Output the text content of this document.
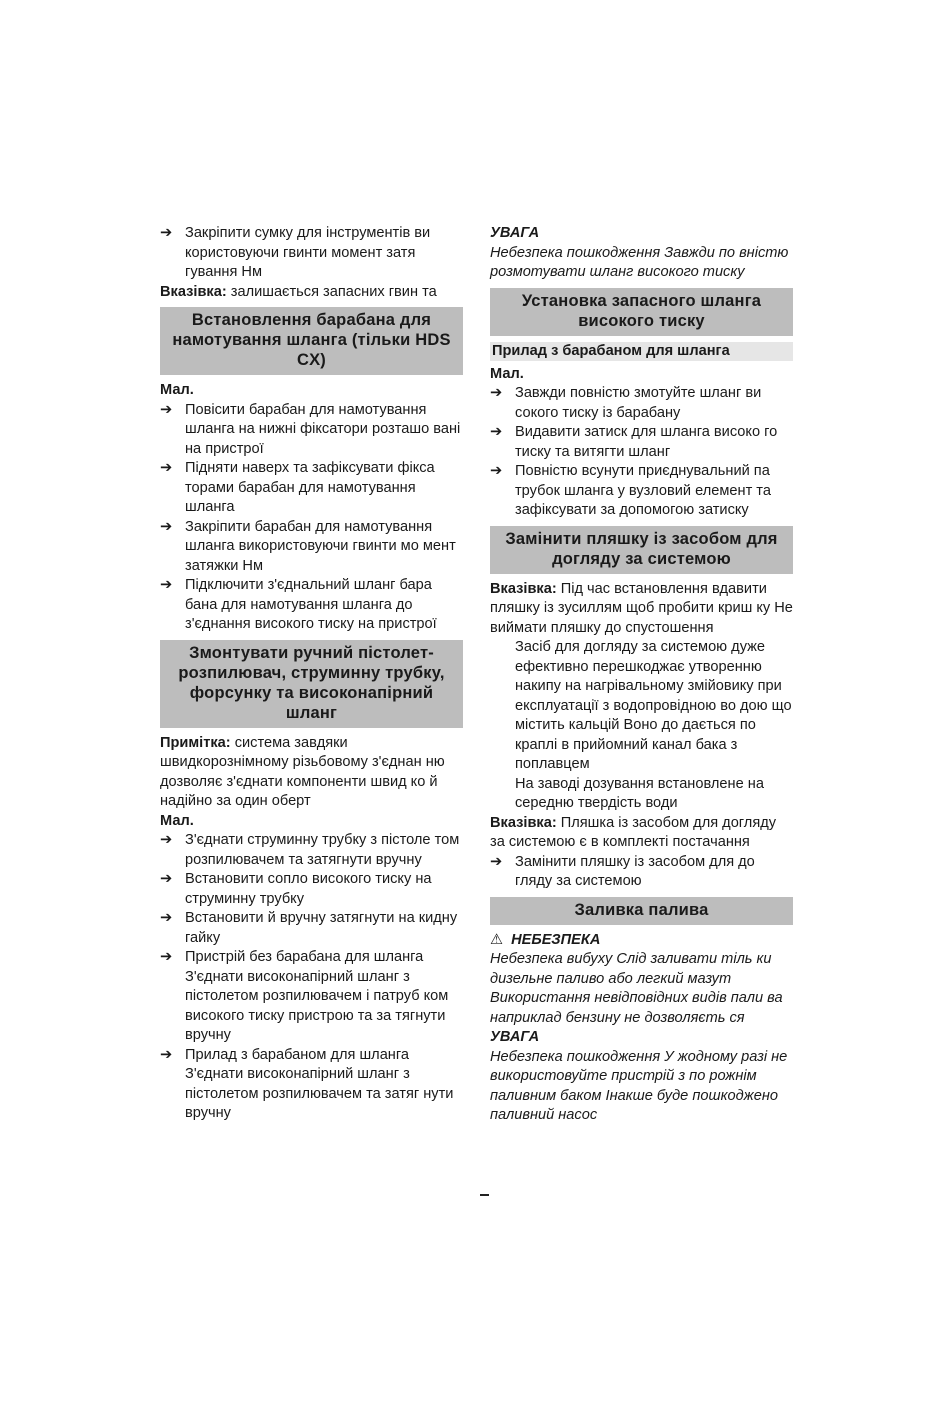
➔ Закріпити сумку для інструментів ви користовуючи гвинти момент затя гування Нм

Вказівка: залишається запасних гвин та

Встановлення барабана для намотування шланга (тільки HDS CX)

Мал.

➔ Повісити барабан для намотування шланга на нижні фіксатори розташо вані на пристрої
➔ Підняти наверх та зафіксувати фікса торами барабан для намотування шланга
➔ Закріпити барабан для намотування шланга використовуючи гвинти мо мент затяжки Нм
➔ Підключити з'єднальний шланг бара бана для намотування шланга до з'єднання високого тиску на пристрої
Змонтувати ручний пістолет-розпилювач, струминну трубку, форсунку та високонапірний шланг

Примітка: система завдяки швидкорознімному різьбовому з'єднан ню дозволяє з'єднати компоненти швид ко й надійно за один оберт

Мал.

➔ З'єднати струминну трубку з пістоле том розпилювачем та затягнути вручну
➔ Встановити сопло високого тиску на струминну трубку
➔ Встановити й вручну затягнути на кидну гайку
➔ Пристрій без барабана для шланга З'єднати високонапірний шланг з пістолетом розпилювачем і патруб ком високого тиску пристрою та за тягнути вручну
➔ Прилад з барабаном для шланга З'єднати високонапірний шланг з пістолетом розпилювачем та затяг нути вручну

УВАГА

Небезпека пошкодження Завжди по вністю розмотувати шланг високого тиску

Установка запасного шланга високого тиску
Прилад з барабаном для шланга

Мал.

➔ Завжди повністю змотуйте шланг ви сокого тиску із барабану
➔ Видавити затиск для шланга високо го тиску та витягти шланг
➔ Повністю всунути приєднувальний па трубок шланга у вузловий елемент та зафіксувати за допомогою затиску
Замінити пляшку із засобом для догляду за системою

Вказівка: Під час встановлення вдавити пляшку із зусиллям щоб пробити криш ку Не виймати пляшку до спустошення

Засіб для догляду за системою дуже ефективно перешкоджає утворенню накипу на нагрівальному змійовику при експлуатації з водопровідною во дою що містить кальцій Воно до дається по краплі в прийомний канал бака з поплавцем

На заводі дозування встановлене на середню твердість води

Вказівка: Пляшка із засобом для догляду за системою є в комплекті постачання

➔ Замінити пляшку із засобом для до гляду за системою
Заливка палива

⚠ НЕБЕЗПЕКА

Небезпека вибуху Слід заливати тіль ки дизельне паливо або легкий мазут Використання невідповідних видів пали ва наприклад бензину не дозволяєть ся

УВАГА

Небезпека пошкодження У жодному разі не використовуйте пристрій з по рожнім паливним баком Інакше буде пошкоджено паливний насос
